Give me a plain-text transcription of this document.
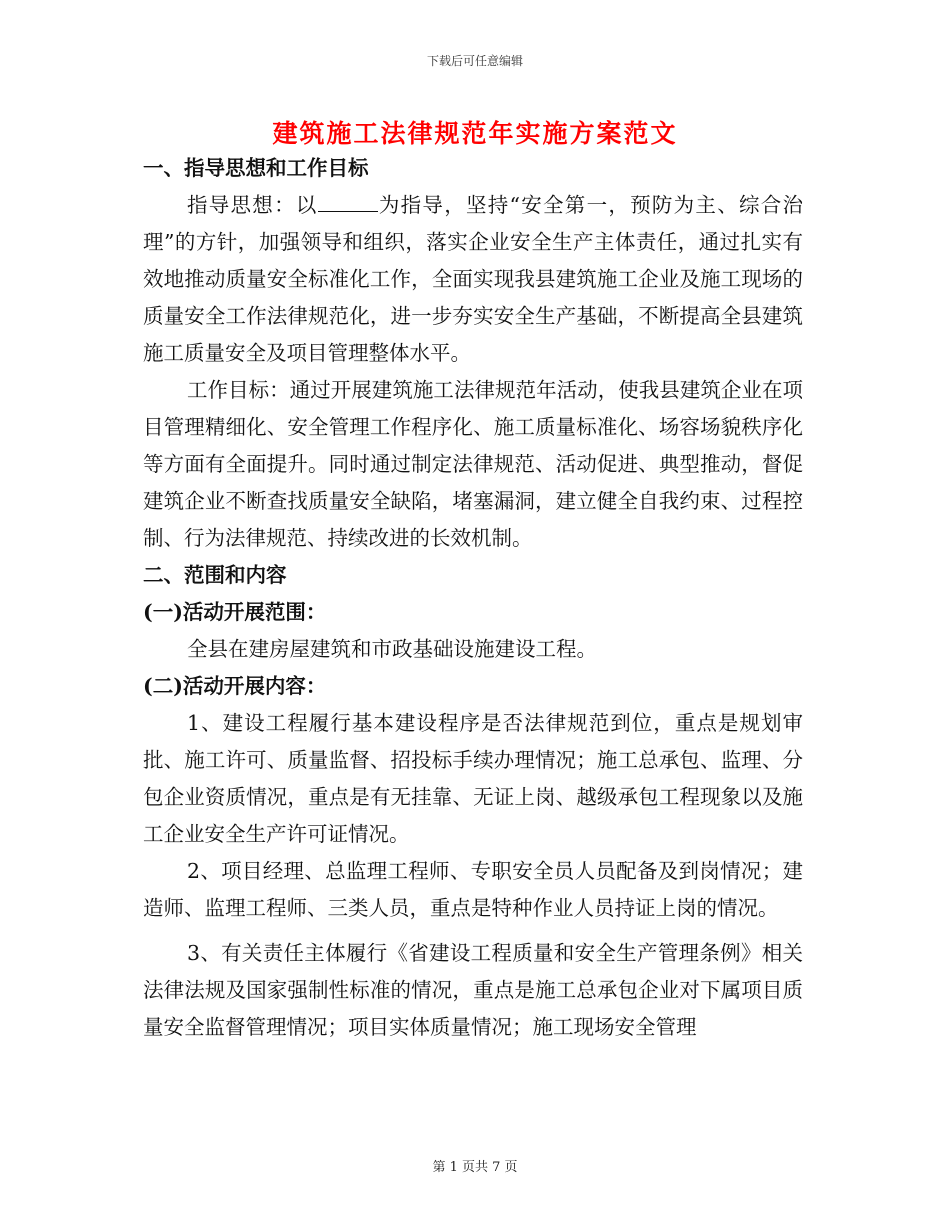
下载后可任意编辑
建筑施工法律规范年实施方案范文

一、指导思想和工作目标

指导思想：以	为指导，坚持“安全第一，预防为主、综合治理”的方针，加强领导和组织，落实企业安全生产主体责任，通过扎实有效地推动质量安全标准化工作，全面实现我县建筑施工企业及施工现场的质量安全工作法律规范化，进一步夯实安全生产基础，不断提高全县建筑施工质量安全及项目管理整体水平。

工作目标：通过开展建筑施工法律规范年活动，使我县建筑企业在项目管理精细化、安全管理工作程序化、施工质量标准化、场容场貌秩序化等方面有全面提升。同时通过制定法律规范、活动促进、典型推动，督促建筑企业不断查找质量安全缺陷，堵塞漏洞，建立健全自我约束、过程控制、行为法律规范、持续改进的长效机制。

二、范围和内容

(一)活动开展范围：

全县在建房屋建筑和市政基础设施建设工程。

(二)活动开展内容：

1、建设工程履行基本建设程序是否法律规范到位，重点是规划审批、施工许可、质量监督、招投标手续办理情况；施工总承包、监理、分包企业资质情况，重点是有无挂靠、无证上岗、越级承包工程现象以及施工企业安全生产许可证情况。

2、项目经理、总监理工程师、专职安全员人员配备及到岗情况；建造师、监理工程师、三类人员，重点是特种作业人员持证上岗的情况。

3、有关责任主体履行《省建设工程质量和安全生产管理条例》相关法律法规及国家强制性标准的情况，重点是施工总承包企业对下属项目质量安全监督管理情况；项目实体质量情况；施工现场安全管理

第 1 页共 7 页
